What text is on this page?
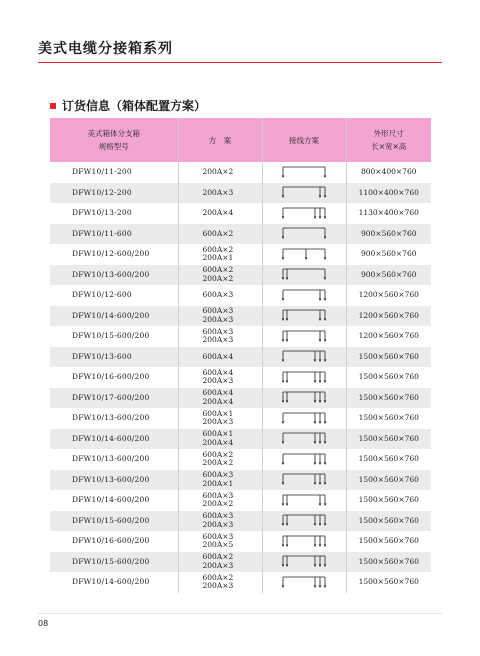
美式电缆分接箱系列
订货信息（箱体配置方案）
美式箱体分支箱
规格型号	方　案	接线方案	外形尺寸
长×宽×高
DFW10/11-200	200A×2		800×400×760
DFW10/12-200	200A×3		1100×400×760
DFW10/13-200	200A×4		1130×400×760
DFW10/11-600	600A×2		900×560×760
DFW10/12-600/200	600A×2
200A×1		900×560×760
DFW10/13-600/200	600A×2
200A×2		900×560×760
DFW10/12-600	600A×3		1200×560×760
DFW10/14-600/200	600A×3
200A×3		1200×560×760
DFW10/15-600/200	600A×3
200A×3		1200×560×760
DFW10/13-600	600A×4		1500×560×760
DFW10/16-600/200	600A×4
200A×3		1500×560×760
DFW10/17-600/200	600A×4
200A×4		1500×560×760
DFW10/13-600/200	600A×1
200A×3		1500×560×760
DFW10/14-600/200	600A×1
200A×4		1500×560×760
DFW10/13-600/200	600A×2
200A×2		1500×560×760
DFW10/13-600/200	600A×3
200A×1		1500×560×760
DFW10/14-600/200	600A×3
200A×2		1500×560×760
DFW10/15-600/200	600A×3
200A×3		1500×560×760
DFW10/16-600/200	600A×3
200A×5		1500×560×760
DFW10/15-600/200	600A×2
200A×3		1500×560×760
DFW10/14-600/200	600A×2
200A×3		1500×560×760
08
